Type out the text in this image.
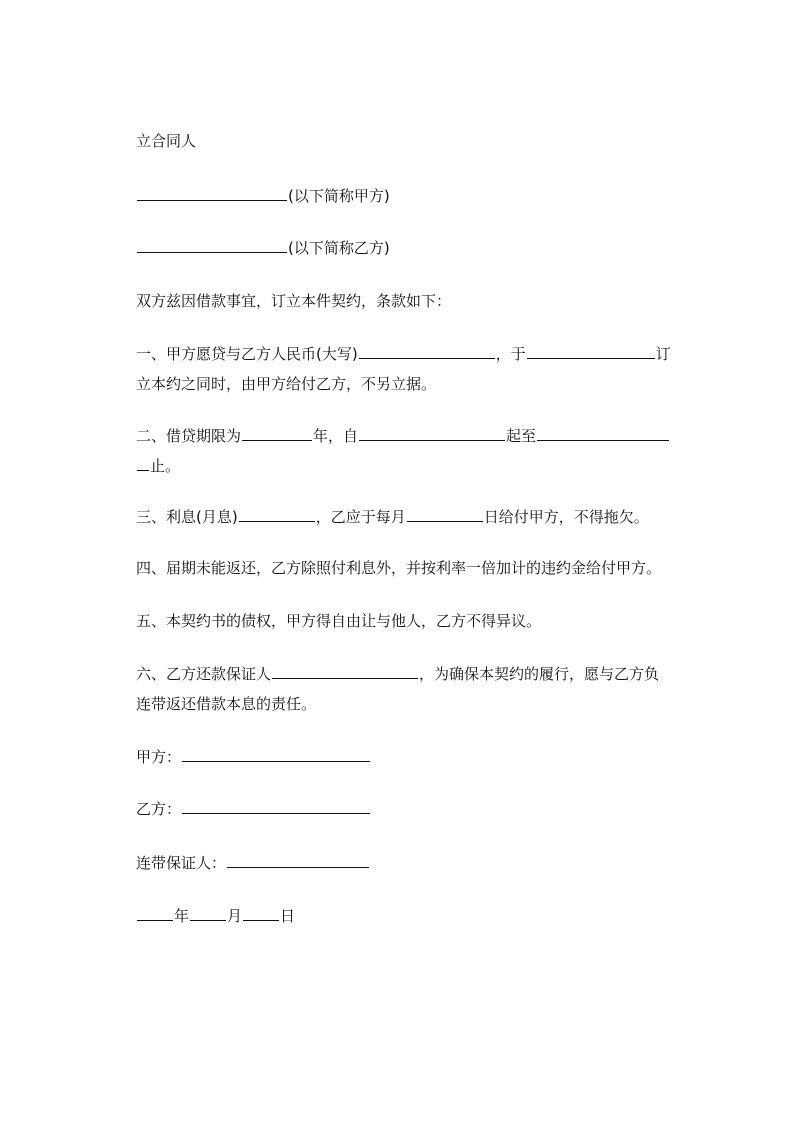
立合同人
(以下简称甲方)
(以下简称乙方)
双方兹因借款事宜，订立本件契约，条款如下：
一、甲方愿贷与乙方人民币(大写)	，于	订
立本约之同时，由甲方给付乙方，不另立据。
二、借贷期限为	年，自	起至
止。
三、利息(月息)	，乙应于每月	日给付甲方，不得拖欠。
四、届期未能返还，乙方除照付利息外，并按利率一倍加计的违约金给付甲方。
五、本契约书的债权，甲方得自由让与他人，乙方不得异议。
六、乙方还款保证人	，为确保本契约的履行，愿与乙方负
连带返还借款本息的责任。
甲方：
乙方：
连带保证人：
年	月	日
